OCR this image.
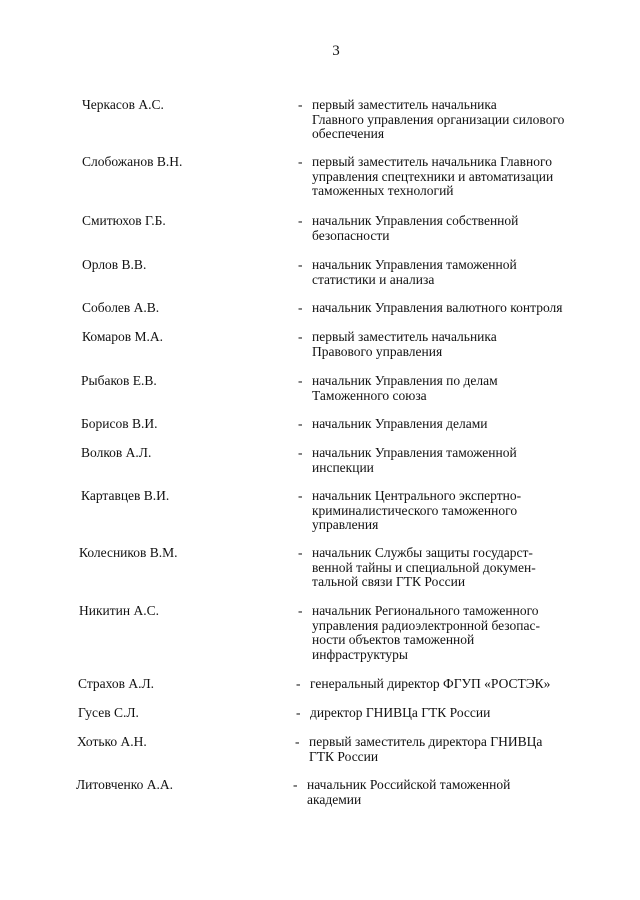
3
Черкасов А.С.	- первый заместитель начальника
Главного управления организации силового
обеспечения
Слобожанов В.Н.	- первый заместитель начальника Главного
управления спецтехники и автоматизации
таможенных технологий
Смитюхов Г.Б.	- начальник Управления собственной
безопасности
Орлов В.В.	- начальник Управления таможенной
статистики и анализа
Соболев А.В.	- начальник Управления валютного контроля
Комаров М.А.	- первый заместитель начальника
Правового управления
Рыбаков Е.В.	- начальник Управления по делам
Таможенного союза
Борисов В.И.	- начальник Управления делами
Волков А.Л.	- начальник Управления таможенной
инспекции
Картавцев В.И.	- начальник Центрального экспертно-
криминалистического таможенного
управления
Колесников В.М.	- начальник Службы защиты государст-
венной тайны и специальной докумен-
тальной связи ГТК России
Никитин А.С.	- начальник Регионального таможенного
управления радиоэлектронной безопас-
ности объектов таможенной
инфраструктуры
Страхов А.Л.	- генеральный директор ФГУП «РОСТЭК»
Гусев С.Л.	- директор ГНИВЦа ГТК России
Хотько А.Н.	- первый заместитель директора ГНИВЦа
ГТК России
Литовченко А.А.	- начальник Российской таможенной
академии
